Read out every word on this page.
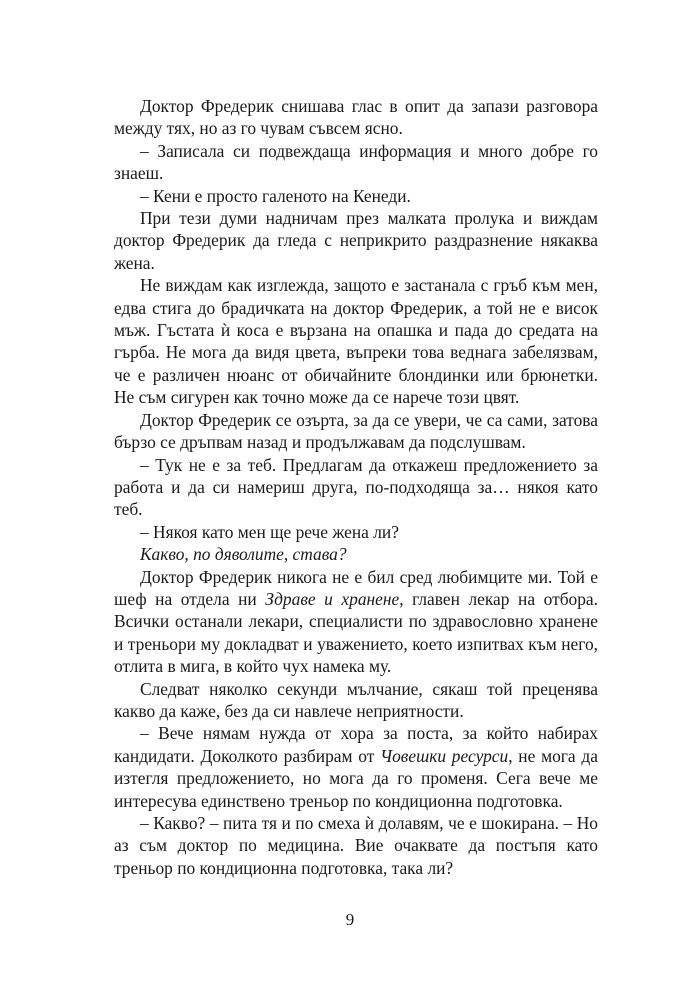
Доктор Фредерик снишава глас в опит да запази разговора между тях, но аз го чувам съвсем ясно.

– Записала си подвеждаща информация и много добре го знаеш.

– Кени е просто галеното на Кенеди.

При тези думи надничам през малката пролука и виждам доктор Фредерик да гледа с неприкрито раздразнение някаква жена.

Не виждам как изглежда, защото е застанала с гръб към мен, едва стига до брадичката на доктор Фредерик, а той не е висок мъж. Гъстата ѝ коса е вързана на опашка и пада до средата на гърба. Не мога да видя цвета, въпреки това веднага забелязвам, че е различен нюанс от обичайните блондинки или брюнетки. Не съм сигурен как точно може да се нарече този цвят.

Доктор Фредерик се озърта, за да се увери, че са сами, затова бързо се дръпвам назад и продължавам да подслушвам.

– Тук не е за теб. Предлагам да откажеш предложението за работа и да си намериш друга, по-подходяща за… някоя като теб.

– Някоя като мен ще рече жена ли?

Какво, по дяволите, става?

Доктор Фредерик никога не е бил сред любимците ми. Той е шеф на отдела ни Здраве и хранене, главен лекар на отбора. Всички останали лекари, специалисти по здравословно хранене и треньори му докладват и уважението, което изпитвах към него, отлита в мига, в който чух намека му.

Следват няколко секунди мълчание, сякаш той преценява какво да каже, без да си навлече неприятности.

– Вече нямам нужда от хора за поста, за който набирах кандидати. Доколкото разбирам от Човешки ресурси, не мога да изтегля предложението, но мога да го променя. Сега вече ме интересува единствено треньор по кондиционна подготовка.

– Какво? – пита тя и по смеха ѝ долавям, че е шокирана. – Но аз съм доктор по медицина. Вие очаквате да постъпя като треньор по кондиционна подготовка, така ли?

9
